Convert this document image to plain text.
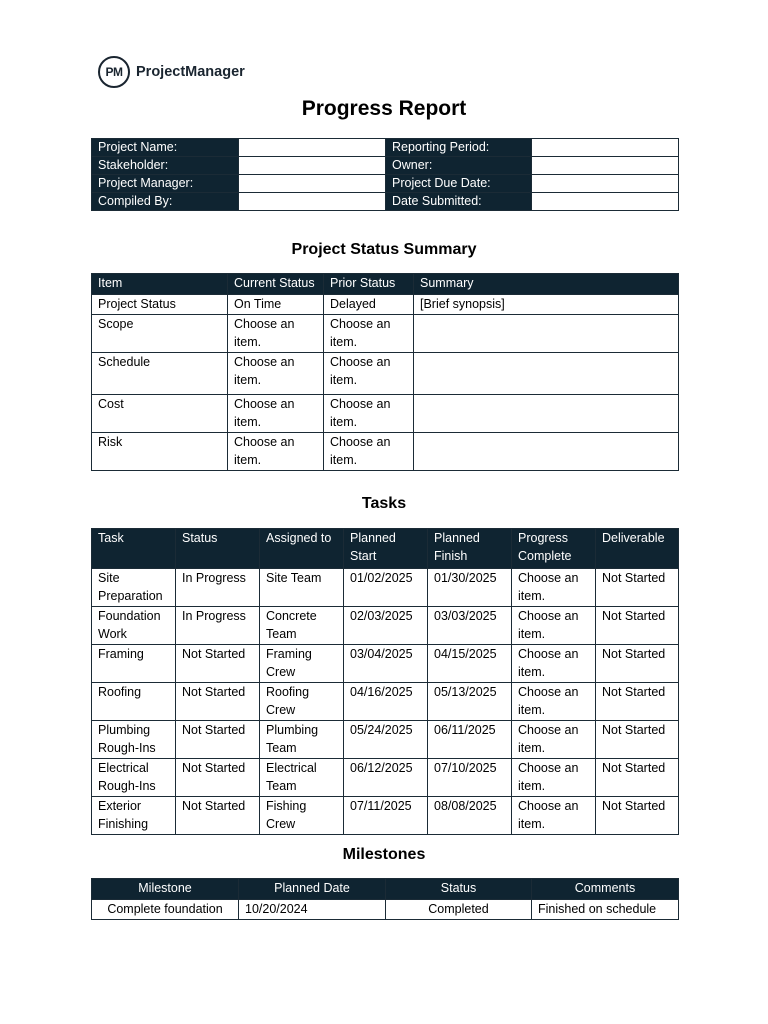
PM ProjectManager
Progress Report
Project Name:		Reporting Period:	
Stakeholder:		Owner:	
Project Manager:		Project Due Date:	
Compiled By:		Date Submitted:	
Project Status Summary
Item	Current Status	Prior Status	Summary
Project Status	On Time	Delayed	[Brief synopsis]
Scope	Choose an item.	Choose an item.	
Schedule	Choose an item.	Choose an item.	
Cost	Choose an item.	Choose an item.	
Risk	Choose an item.	Choose an item.	
Tasks
Task	Status	Assigned to	Planned Start	Planned Finish	Progress Complete	Deliverable
Site Preparation	In Progress	Site Team	01/02/2025	01/30/2025	Choose an item.	Not Started
Foundation Work	In Progress	Concrete Team	02/03/2025	03/03/2025	Choose an item.	Not Started
Framing	Not Started	Framing Crew	03/04/2025	04/15/2025	Choose an item.	Not Started
Roofing	Not Started	Roofing Crew	04/16/2025	05/13/2025	Choose an item.	Not Started
Plumbing Rough-Ins	Not Started	Plumbing Team	05/24/2025	06/11/2025	Choose an item.	Not Started
Electrical Rough-Ins	Not Started	Electrical Team	06/12/2025	07/10/2025	Choose an item.	Not Started
Exterior Finishing	Not Started	Fishing Crew	07/11/2025	08/08/2025	Choose an item.	Not Started
Milestones
Milestone	Planned Date	Status	Comments
Complete foundation	10/20/2024	Completed	Finished on schedule
